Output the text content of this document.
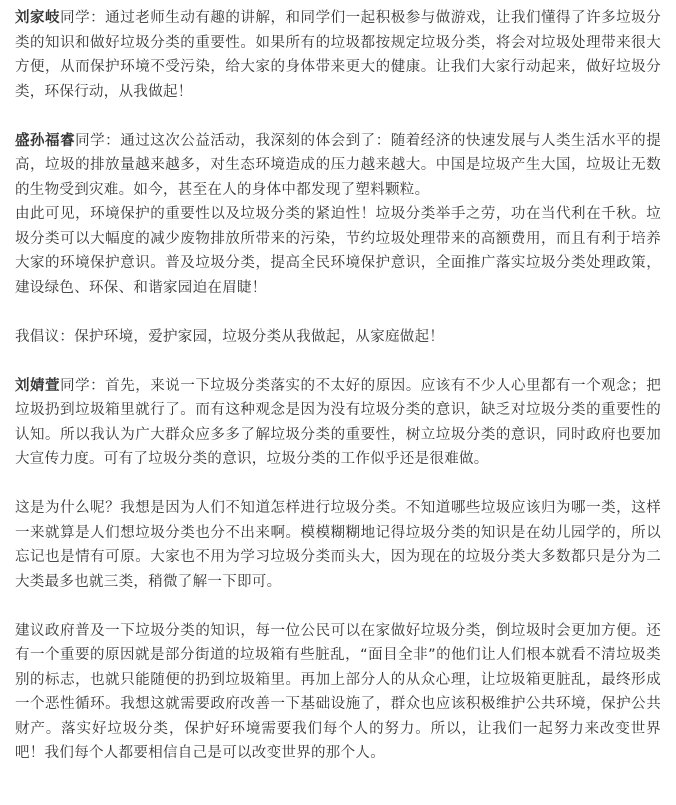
刘家岐同学：通过老师生动有趣的讲解，和同学们一起积极参与做游戏，让我们懂得了许多垃圾分类的知识和做好垃圾分类的重要性。如果所有的垃圾都按规定垃圾分类，将会对垃圾处理带来很大方便，从而保护环境不受污染，给大家的身体带来更大的健康。让我们大家行动起来，做好垃圾分类，环保行动，从我做起！

盛孙福睿同学：通过这次公益活动，我深刻的体会到了：随着经济的快速发展与人类生活水平的提高，垃圾的排放量越来越多，对生态环境造成的压力越来越大。中国是垃圾产生大国，垃圾让无数的生物受到灾难。如今，甚至在人的身体中都发现了塑料颗粒。

由此可见，环境保护的重要性以及垃圾分类的紧迫性！垃圾分类举手之劳，功在当代利在千秋。垃圾分类可以大幅度的减少废物排放所带来的污染，节约垃圾处理带来的高额费用，而且有利于培养大家的环境保护意识。普及垃圾分类，提高全民环境保护意识，全面推广落实垃圾分类处理政策，建设绿色、环保、和谐家园迫在眉睫！

我倡议：保护环境，爱护家园，垃圾分类从我做起，从家庭做起！

刘婧萱同学：首先，来说一下垃圾分类落实的不太好的原因。应该有不少人心里都有一个观念；把垃圾扔到垃圾箱里就行了。而有这种观念是因为没有垃圾分类的意识，缺乏对垃圾分类的重要性的认知。所以我认为广大群众应多多了解垃圾分类的重要性，树立垃圾分类的意识，同时政府也要加大宣传力度。可有了垃圾分类的意识，垃圾分类的工作似乎还是很难做。

这是为什么呢？我想是因为人们不知道怎样进行垃圾分类。不知道哪些垃圾应该归为哪一类，这样一来就算是人们想垃圾分类也分不出来啊。模模糊糊地记得垃圾分类的知识是在幼儿园学的，所以忘记也是情有可原。大家也不用为学习垃圾分类而头大，因为现在的垃圾分类大多数都只是分为二大类最多也就三类，稍微了解一下即可。

建议政府普及一下垃圾分类的知识，每一位公民可以在家做好垃圾分类，倒垃圾时会更加方便。还有一个重要的原因就是部分街道的垃圾箱有些脏乱，“面目全非”的他们让人们根本就看不清垃圾类别的标志，也就只能随便的扔到垃圾箱里。再加上部分人的从众心理，让垃圾箱更脏乱，最终形成一个恶性循环。我想这就需要政府改善一下基础设施了，群众也应该积极维护公共环境，保护公共财产。落实好垃圾分类，保护好环境需要我们每个人的努力。所以，让我们一起努力来改变世界吧！我们每个人都要相信自己是可以改变世界的那个人。
